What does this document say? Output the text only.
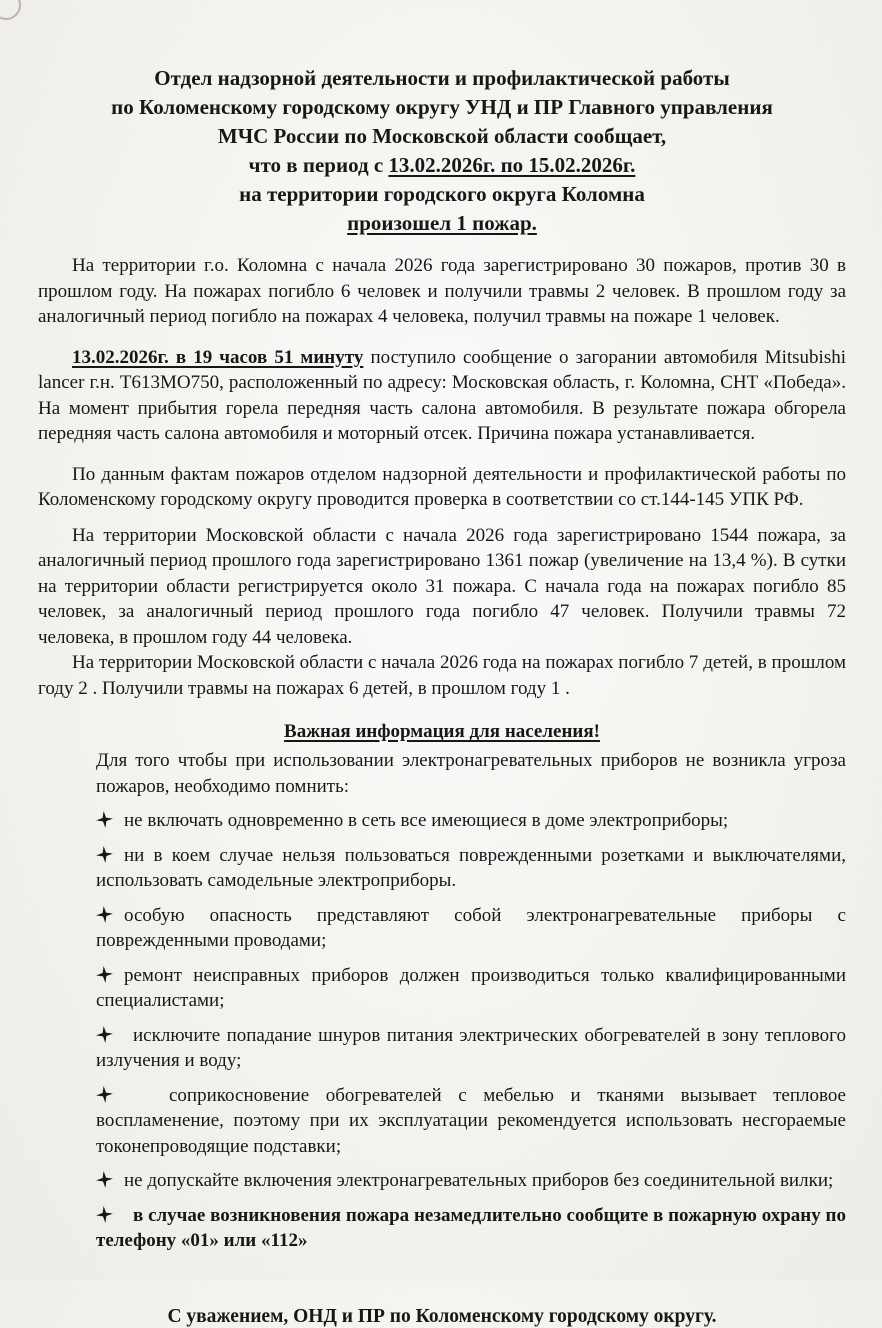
Отдел надзорной деятельности и профилактической работы
по Коломенскому городскому округу УНД и ПР Главного управления
МЧС России по Московской области сообщает,
что в период с 13.02.2026г. по 15.02.2026г.
на территории городского округа Коломна
произошел 1 пожар.

На территории г.о. Коломна с начала 2026 года зарегистрировано 30 пожаров, против 30 в прошлом году. На пожарах погибло 6 человек и получили травмы 2 человек. В прошлом году за аналогичный период погибло на пожарах 4 человека, получил травмы на пожаре 1 человек.

13.02.2026г. в 19 часов 51 минуту поступило сообщение о загорании автомобиля Mitsubishi lancer г.н. Т613МО750, расположенный по адресу: Московская область, г. Коломна, СНТ «Победа». На момент прибытия горела передняя часть салона автомобиля. В результате пожара обгорела передняя часть салона автомобиля и моторный отсек. Причина пожара устанавливается.

По данным фактам пожаров отделом надзорной деятельности и профилактической работы по Коломенскому городскому округу проводится проверка в соответствии со ст.144-145 УПК РФ.

На территории Московской области с начала 2026 года зарегистрировано 1544 пожара, за аналогичный период прошлого года зарегистрировано 1361 пожар (увеличение на 13,4 %). В сутки на территории области регистрируется около 31 пожара. С начала года на пожарах погибло 85 человек, за аналогичный период прошлого года погибло 47 человек. Получили травмы 72 человека, в прошлом году 44 человека.

На территории Московской области с начала 2026 года на пожарах погибло 7 детей, в прошлом году 2 . Получили травмы на пожарах 6 детей, в прошлом году 1 .

Важная информация для населения!

Для того чтобы при использовании электронагревательных приборов не возникла угроза пожаров, необходимо помнить:

не включать одновременно в сеть все имеющиеся в доме электроприборы;

ни в коем случае нельзя пользоваться поврежденными розетками и выключателями, использовать самодельные электроприборы.

особую опасность представляют собой электронагревательные приборы с поврежденными проводами;

ремонт неисправных приборов должен производиться только квалифицированными специалистами;

исключите попадание шнуров питания электрических обогревателей в зону теплового излучения и воду;

соприкосновение обогревателей с мебелью и тканями вызывает тепловое воспламенение, поэтому при их эксплуатации рекомендуется использовать несгораемые токонепроводящие подставки;

не допускайте включения электронагревательных приборов без соединительной вилки;

в случае возникновения пожара незамедлительно сообщите в пожарную охрану по телефону «01» или «112»

С уважением, ОНД и ПР по Коломенскому городскому округу.
